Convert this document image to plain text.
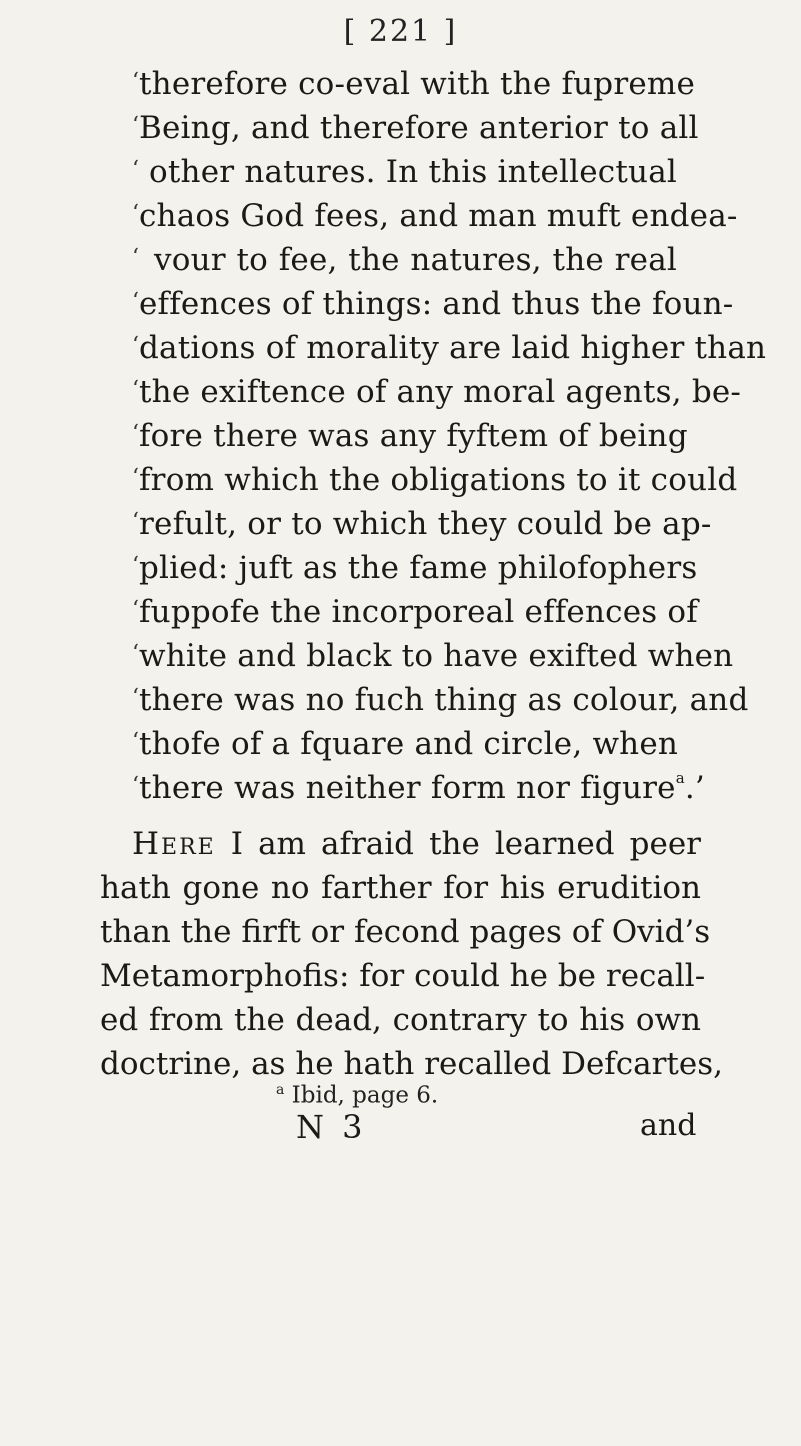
[ 221 ]
‘ therefore co-eval with the fupreme
‘ Being, and therefore anterior to all
‘ other natures. In this intellectual
‘ chaos God fees, and man muft endea-
‘ vour to fee, the natures, the real
‘ effences of things: and thus the foun-
‘ dations of morality are laid higher than
‘ the exiftence of any moral agents, be-
‘ fore there was any fyftem of being
‘ from which the obligations to it could
‘ refult, or to which they could be ap-
‘ plied: juft as the fame philofophers
‘ fuppofe the incorporeal effences of
‘ white and black to have exifted when
‘ there was no fuch thing as colour, and
‘ thofe of a fquare and circle, when
‘ there was neither form nor figure$^a$.’
Here I am afraid the learned peer
hath gone no farther for his erudition
than the firft or fecond pages of Ovid’s
Metamorphofis: for could he be recall-
ed from the dead, contrary to his own
doctrine, as he hath recalled Defcartes,
$^a$ Ibid, page 6.
N 3	and
